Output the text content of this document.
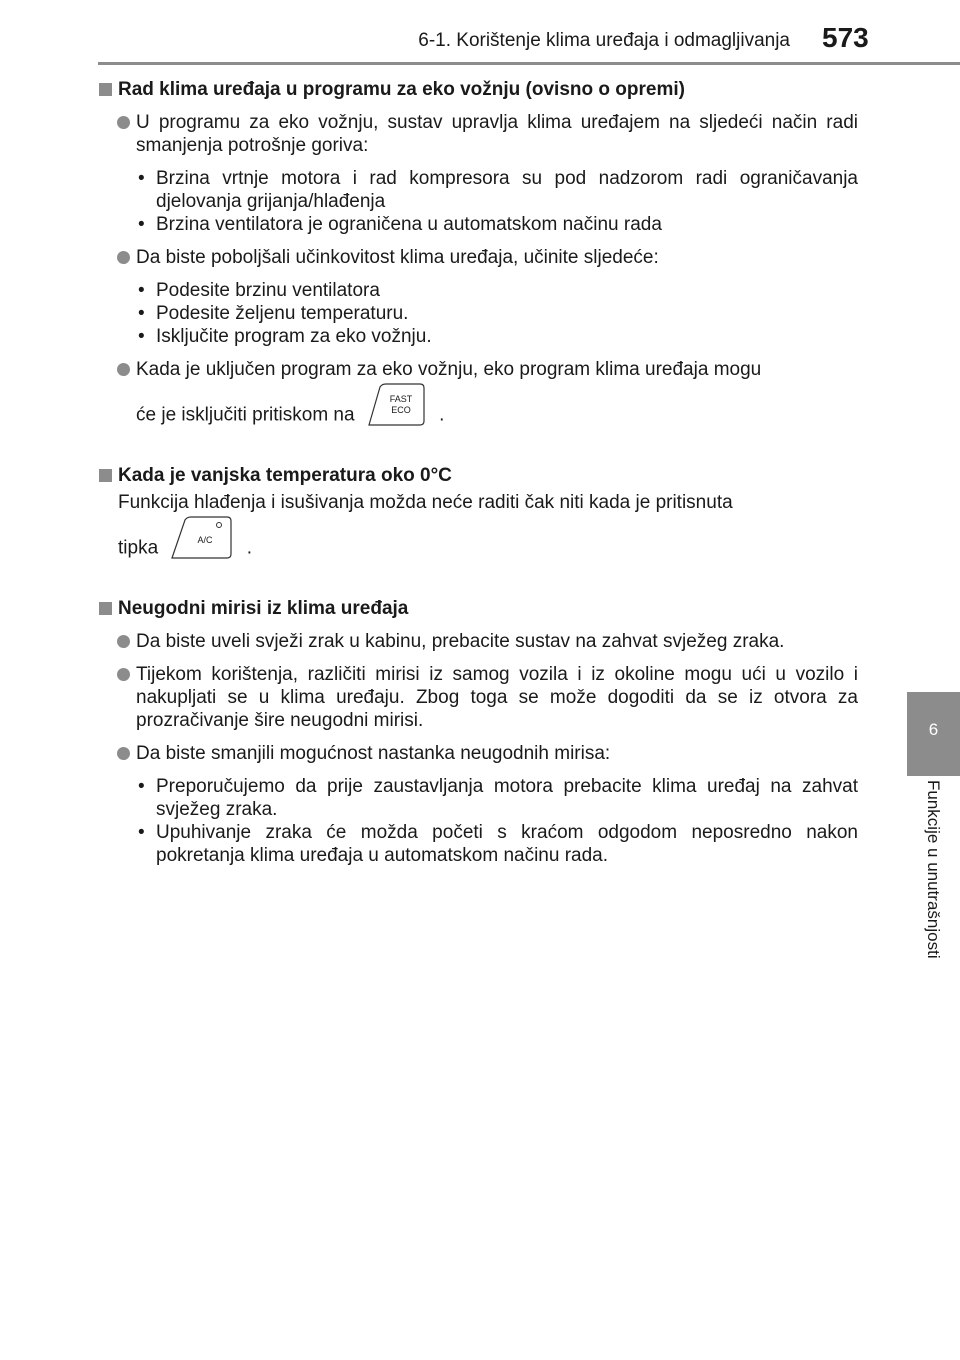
6-1. Korištenje klima uređaja i odmagljivanja 573
6
Funkcije u unutrašnjosti
Rad klima uređaja u programu za eko vožnju (ovisno o opremi)
U programu za eko vožnju, sustav upravlja klima uređajem na sljedeći način radi smanjenja potrošnje goriva:
• Brzina vrtnje motora i rad kompresora su pod nadzorom radi ograničavanja djelovanja grijanja/hlađenja
• Brzina ventilatora je ograničena u automatskom načinu rada
Da biste poboljšali učinkovitost klima uređaja, učinite sljedeće:
• Podesite brzinu ventilatora
• Podesite željenu temperaturu.
• Isključite program za eko vožnju.
Kada je uključen program za eko vožnju, eko program klima uređaja mogu
će je isključiti pritiskom na
FAST
ECO .
Kada je vanjska temperatura oko 0°C
Funkcija hlađenja i isušivanja možda neće raditi čak niti kada je pritisnuta
tipka	A/C .
Neugodni mirisi iz klima uređaja
Da biste uveli svježi zrak u kabinu, prebacite sustav na zahvat svježeg zraka.
Tijekom korištenja, različiti mirisi iz samog vozila i iz okoline mogu ući u vozilo i nakupljati se u klima uređaju. Zbog toga se može dogoditi da se iz otvora za prozračivanje šire neugodni mirisi.
Da biste smanjili mogućnost nastanka neugodnih mirisa:
• Preporučujemo da prije zaustavljanja motora prebacite klima uređaj na zahvat svježeg zraka.
• Upuhivanje zraka će možda početi s kraćom odgodom neposredno nakon pokretanja klima uređaja u automatskom načinu rada.
